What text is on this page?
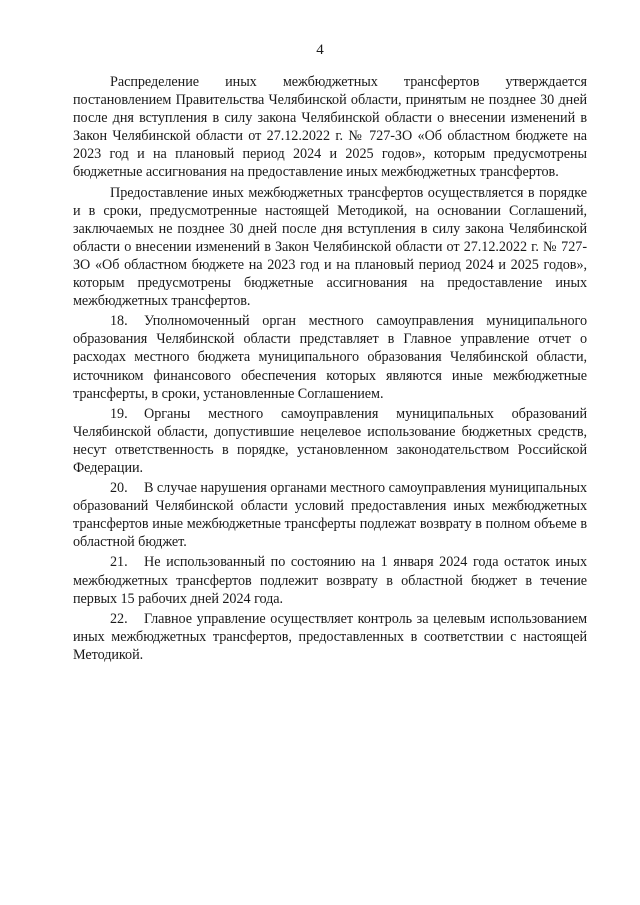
4

Распределение иных межбюджетных трансфертов утверждается постановлением Правительства Челябинской области, принятым не позднее 30 дней после дня вступления в силу закона Челябинской области о внесении изменений в Закон Челябинской области от 27.12.2022 г. № 727-ЗО «Об областном бюджете на 2023 год и на плановый период 2024 и 2025 годов», которым предусмотрены бюджетные ассигнования на предоставление иных межбюджетных трансфертов.

Предоставление иных межбюджетных трансфертов осуществляется в порядке и в сроки, предусмотренные настоящей Методикой, на основании Соглашений, заключаемых не позднее 30 дней после дня вступления в силу закона Челябинской области о внесении изменений в Закон Челябинской области от 27.12.2022 г. № 727-ЗО «Об областном бюджете на 2023 год и на плановый период 2024 и 2025 годов», которым предусмотрены бюджетные ассигнования на предоставление иных межбюджетных трансфертов.

18. Уполномоченный орган местного самоуправления муниципального образования Челябинской области представляет в Главное управление отчет о расходах местного бюджета муниципального образования Челябинской области, источником финансового обеспечения которых являются иные межбюджетные трансферты, в сроки, установленные Соглашением.

19. Органы местного самоуправления муниципальных образований Челябинской области, допустившие нецелевое использование бюджетных средств, несут ответственность в порядке, установленном законодательством Российской Федерации.

20. В случае нарушения органами местного самоуправления муниципальных образований Челябинской области условий предоставления иных межбюджетных трансфертов иные межбюджетные трансферты подлежат возврату в полном объеме в областной бюджет.

21. Не использованный по состоянию на 1 января 2024 года остаток иных межбюджетных трансфертов подлежит возврату в областной бюджет в течение первых 15 рабочих дней 2024 года.

22. Главное управление осуществляет контроль за целевым использованием иных межбюджетных трансфертов, предоставленных в соответствии с настоящей Методикой.
